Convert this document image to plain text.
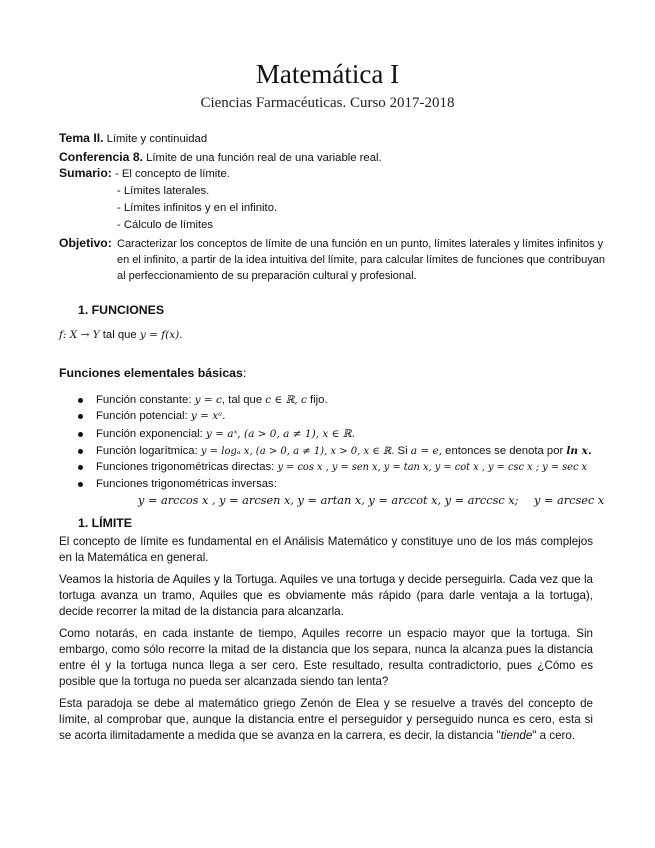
Matemática I
Ciencias Farmacéuticas. Curso 2017-2018
Tema II. Límite y continuidad
Conferencia 8. Límite de una función real de una variable real.
Sumario: - El concepto de límite.
- Límites laterales.
- Límites infinitos y en el infinito.
- Cálculo de límites
Objetivo: Caracterizar los conceptos de límite de una función en un punto, límites laterales y límites infinitos y
en el infinito, a partir de la idea intuitiva del límite, para calcular límites de funciones que contribuyan
al perfeccionamiento de su preparación cultural y profesional.
1. FUNCIONES
f: X → Y tal que y = f(x).
Funciones elementales básicas:
Función constante: y = c, tal que c ∈ ℝ, c fijo.
Función potencial: y = xᵃ.
Función exponencial: y = aˣ, (a > 0, a ≠ 1), x ∈ ℝ.
Función logarítmica: y = logₐ x, (a > 0, a ≠ 1), x > 0, x ∈ ℝ. Si a = e, entonces se denota por ln x.
Funciones trigonométricas directas: y = cos x , y = sen x, y = tan x, y = cot x , y = csc x ; y = sec x
Funciones trigonométricas inversas:
y = arccos x , y = arcsen x, y = artan x, y = arccot x, y = arccsc x; y = arcsec x
1. LÍMITE

El concepto de límite es fundamental en el Análisis Matemático y constituye uno de los más complejos en la Matemática en general.

Veamos la historia de Aquiles y la Tortuga. Aquiles ve una tortuga y decide perseguirla. Cada vez que la tortuga avanza un tramo, Aquiles que es obviamente más rápido (para darle ventaja a la tortuga), decide recorrer la mitad de la distancia para alcanzarla.

Como notarás, en cada instante de tiempo, Aquiles recorre un espacio mayor que la tortuga. Sin embargo, como sólo recorre la mitad de la distancia que los separa, nunca la alcanza pues la distancia entre él y la tortuga nunca llega a ser cero. Este resultado, resulta contradictorio, pues ¿Cómo es posible que la tortuga no pueda ser alcanzada siendo tan lenta?

Esta paradoja se debe al matemático griego Zenón de Elea y se resuelve a través del concepto de límite, al comprobar que, aunque la distancia entre el perseguidor y perseguido nunca es cero, esta si se acorta ilimitadamente a medida que se avanza en la carrera, es decir, la distancia "tiende" a cero.
